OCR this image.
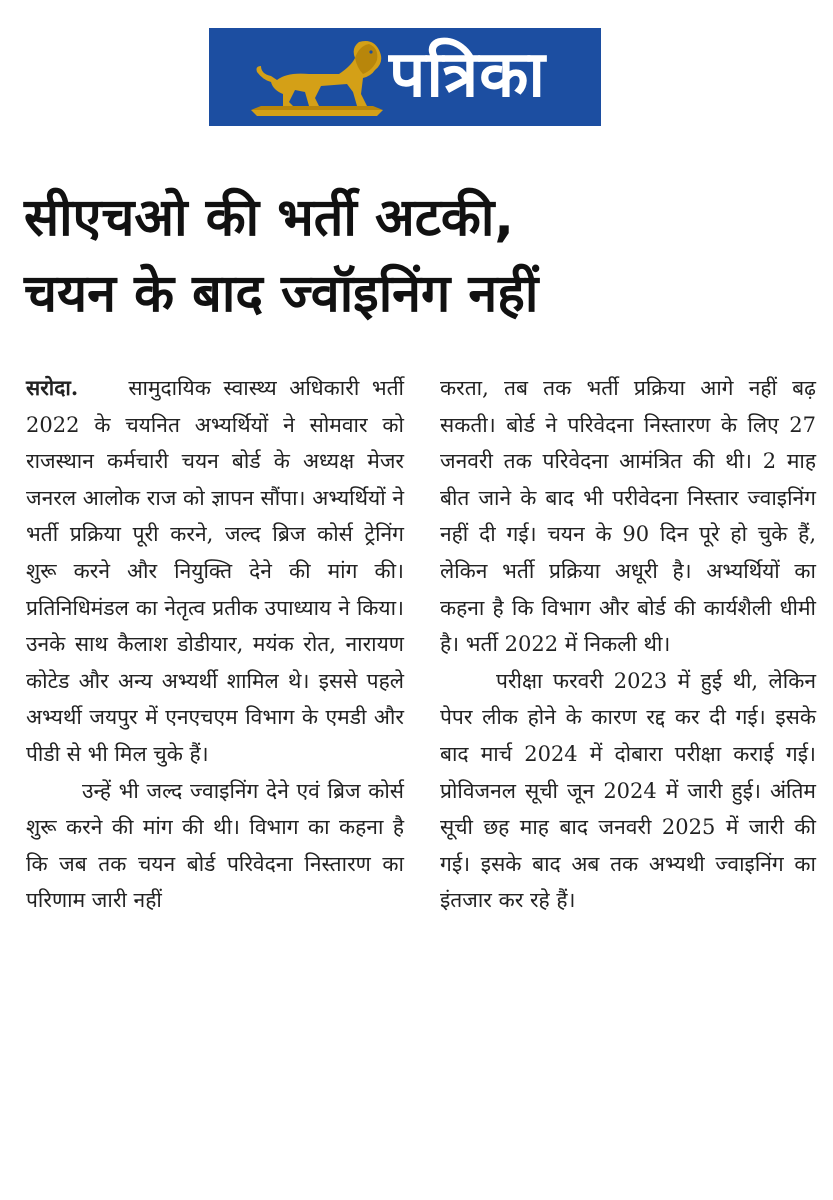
पत्रिका
सीएचओ की भर्ती अटकी,
चयन के बाद ज्वॉइनिंग नहीं

सरोदा. सामुदायिक स्वास्थ्य अधिकारी भर्ती 2022 के चयनित अभ्यर्थियों ने सोमवार को राजस्थान कर्मचारी चयन बोर्ड के अध्यक्ष मेजर जनरल आलोक राज को ज्ञापन सौंपा। अभ्यर्थियों ने भर्ती प्रक्रिया पूरी करने, जल्द ब्रिज कोर्स ट्रेनिंग शुरू करने और नियुक्ति देने की मांग की। प्रतिनिधिमंडल का नेतृत्व प्रतीक उपाध्याय ने किया। उनके साथ कैलाश डोडीयार, मयंक रोत, नारायण कोटेड और अन्य अभ्यर्थी शामिल थे। इससे पहले अभ्यर्थी जयपुर में एनएचएम विभाग के एमडी और पीडी से भी मिल चुके हैं।

उन्हें भी जल्द ज्वाइनिंग देने एवं ब्रिज कोर्स शुरू करने की मांग की थी। विभाग का कहना है कि जब तक चयन बोर्ड परिवेदना निस्तारण का परिणाम जारी नहीं

करता, तब तक भर्ती प्रक्रिया आगे नहीं बढ़ सकती। बोर्ड ने परिवेदना निस्तारण के लिए 27 जनवरी तक परिवेदना आमंत्रित की थी। 2 माह बीत जाने के बाद भी परीवेदना निस्तार ज्वाइनिंग नहीं दी गई। चयन के 90 दिन पूरे हो चुके हैं, लेकिन भर्ती प्रक्रिया अधूरी है। अभ्यर्थियों का कहना है कि विभाग और बोर्ड की कार्यशैली धीमी है। भर्ती 2022 में निकली थी।

परीक्षा फरवरी 2023 में हुई थी, लेकिन पेपर लीक होने के कारण रद्द कर दी गई। इसके बाद मार्च 2024 में दोबारा परीक्षा कराई गई। प्रोविजनल सूची जून 2024 में जारी हुई। अंतिम सूची छह माह बाद जनवरी 2025 में जारी की गई। इसके बाद अब तक अभ्यथी ज्वाइनिंग का इंतजार कर रहे हैं।
